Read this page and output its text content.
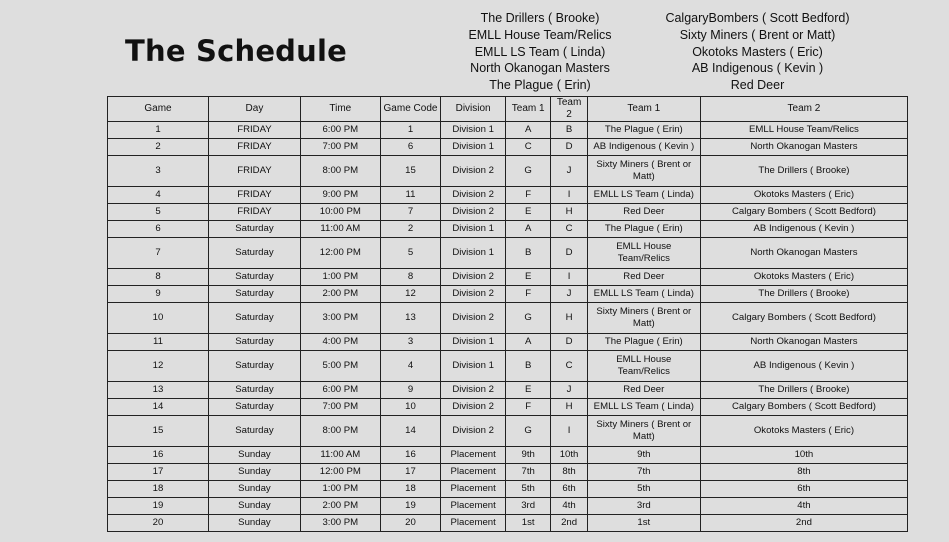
The Schedule
The Drillers ( Brooke)
EMLL House Team/Relics
EMLL LS Team ( Linda)
North Okanogan Masters
The Plague ( Erin)
CalgaryBombers ( Scott Bedford)
Sixty Miners ( Brent or Matt)
Okotoks Masters ( Eric)
AB Indigenous ( Kevin )
Red Deer
Game	Day	Time	Game Code	Division	Team 1	Team 2	Team 1	Team 2
1	FRIDAY	6:00 PM	1	Division 1	A	B	The Plague ( Erin)	EMLL House Team/Relics
2	FRIDAY	7:00 PM	6	Division 1	C	D	AB Indigenous ( Kevin )	North Okanogan Masters
3	FRIDAY	8:00 PM	15	Division 2	G	J	Sixty Miners ( Brent or Matt)	The Drillers ( Brooke)
4	FRIDAY	9:00 PM	11	Division 2	F	I	EMLL LS Team ( Linda)	Okotoks Masters ( Eric)
5	FRIDAY	10:00 PM	7	Division 2	E	H	Red Deer	Calgary Bombers ( Scott Bedford)
6	Saturday	11:00 AM	2	Division 1	A	C	The Plague ( Erin)	AB Indigenous ( Kevin )
7	Saturday	12:00 PM	5	Division 1	B	D	EMLL House Team/Relics	North Okanogan Masters
8	Saturday	1:00 PM	8	Division 2	E	I	Red Deer	Okotoks Masters ( Eric)
9	Saturday	2:00 PM	12	Division 2	F	J	EMLL LS Team ( Linda)	The Drillers ( Brooke)
10	Saturday	3:00 PM	13	Division 2	G	H	Sixty Miners ( Brent or Matt)	Calgary Bombers ( Scott Bedford)
11	Saturday	4:00 PM	3	Division 1	A	D	The Plague ( Erin)	North Okanogan Masters
12	Saturday	5:00 PM	4	Division 1	B	C	EMLL House Team/Relics	AB Indigenous ( Kevin )
13	Saturday	6:00 PM	9	Division 2	E	J	Red Deer	The Drillers ( Brooke)
14	Saturday	7:00 PM	10	Division 2	F	H	EMLL LS Team ( Linda)	Calgary Bombers ( Scott Bedford)
15	Saturday	8:00 PM	14	Division 2	G	I	Sixty Miners ( Brent or Matt)	Okotoks Masters ( Eric)
16	Sunday	11:00 AM	16	Placement	9th	10th	9th	10th
17	Sunday	12:00 PM	17	Placement	7th	8th	7th	8th
18	Sunday	1:00 PM	18	Placement	5th	6th	5th	6th
19	Sunday	2:00 PM	19	Placement	3rd	4th	3rd	4th
20	Sunday	3:00 PM	20	Placement	1st	2nd	1st	2nd
